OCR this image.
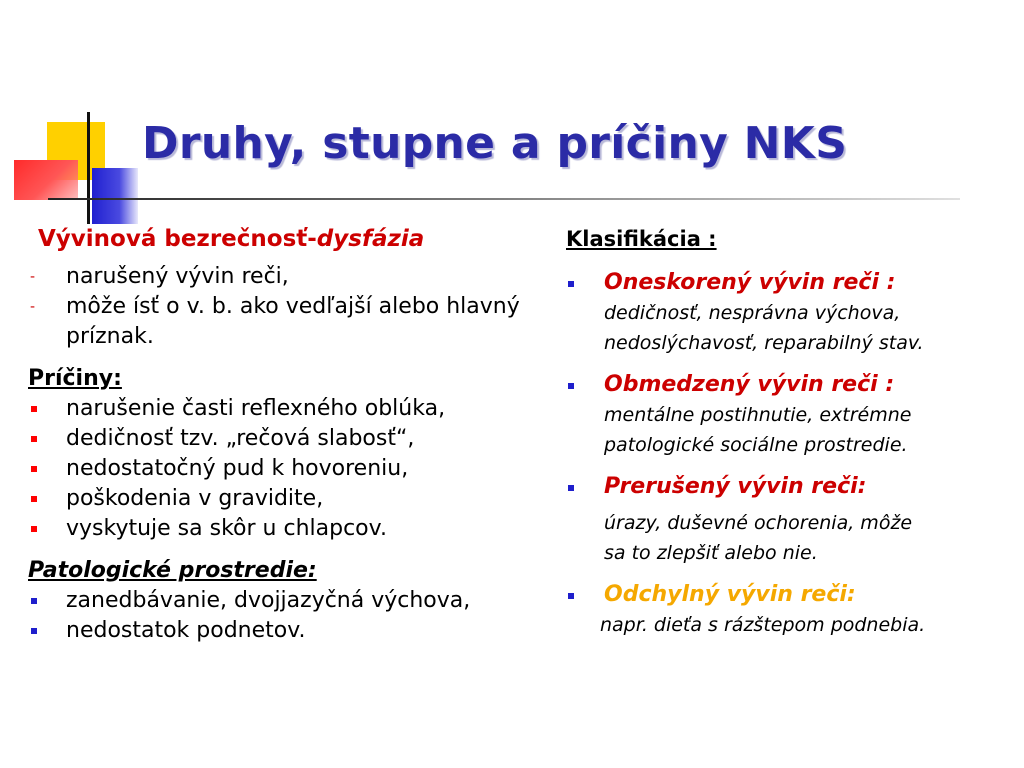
Druhy, stupne a príčiny NKS
Vývinová bezrečnosť-dysfázia
- narušený vývin reči,
- môže ísť o v. b. ako vedľajší alebo hlavný príznak.
Príčiny:
narušenie časti reflexného oblúka,
dedičnosť tzv. „rečová slabosť“,
nedostatočný pud k hovoreniu,
poškodenia v gravidite,
vyskytuje sa skôr u chlapcov.
Patologické prostredie:
zanedbávanie, dvojjazyčná výchova,
nedostatok podnetov.
Klasifikácia :
Oneskorený vývin reči :
dedičnosť, nesprávna výchova,
nedoslýchavosť, reparabilný stav.
Obmedzený vývin reči :
mentálne postihnutie, extrémne
patologické sociálne prostredie.
Prerušený vývin reči:
úrazy, duševné ochorenia, môže
sa to zlepšiť alebo nie.
Odchylný vývin reči:
napr. dieťa s rázštepom podnebia.
